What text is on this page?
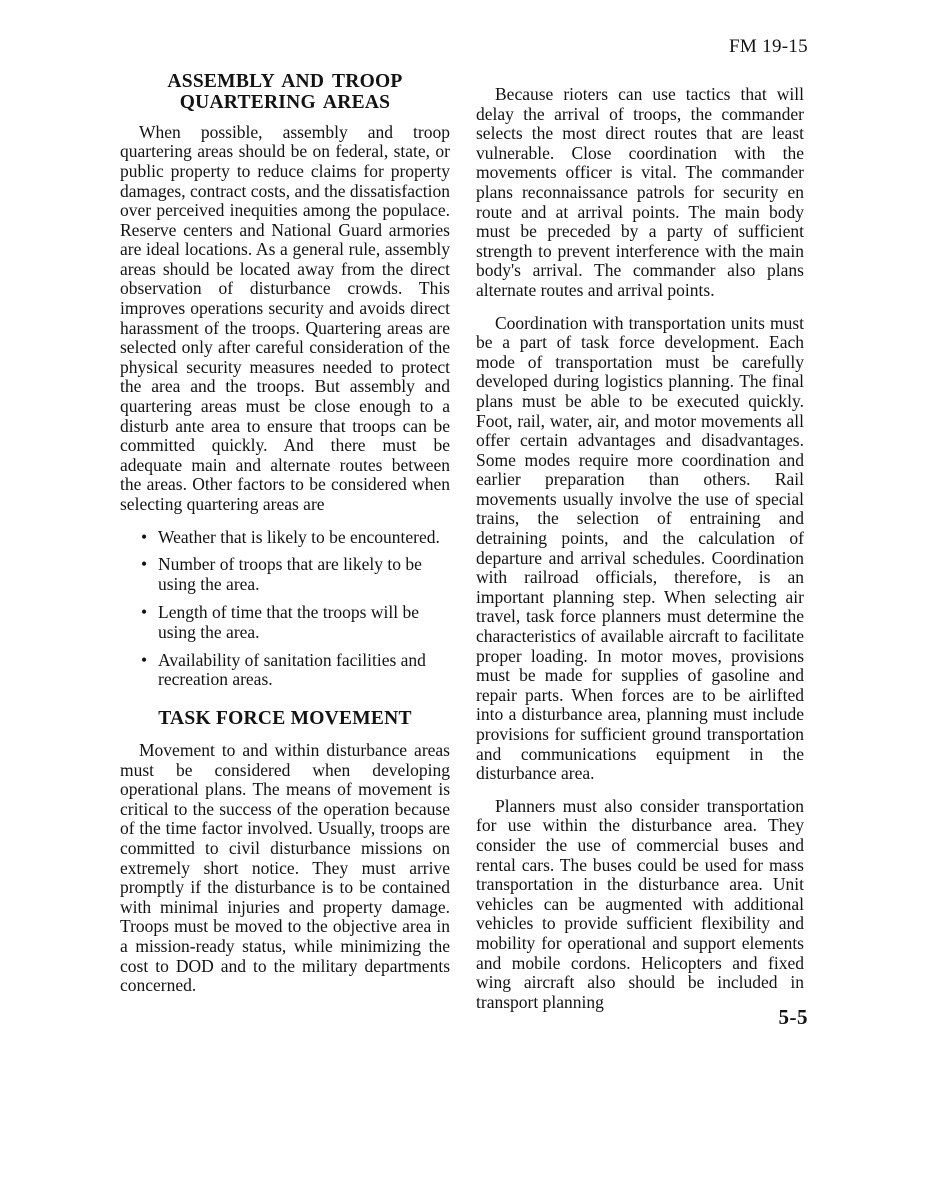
FM 19-15
ASSEMBLY AND TROOP
QUARTERING AREAS

When possible, assembly and troop quartering areas should be on federal, state, or public property to reduce claims for property damages, contract costs, and the dissatisfaction over perceived inequities among the populace. Reserve centers and National Guard armories are ideal locations. As a general rule, assembly areas should be located away from the direct observation of disturbance crowds. This improves operations security and avoids direct harassment of the troops. Quartering areas are selected only after careful consideration of the physical security measures needed to protect the area and the troops. But assembly and quartering areas must be close enough to a disturb ante area to ensure that troops can be committed quickly. And there must be adequate main and alternate routes between the areas. Other factors to be considered when selecting quartering areas are

•
Weather that is likely to be encountered.
•
Number of troops that are likely to be using the area.
•
Length of time that the troops will be using the area.
•
Availability of sanitation facilities and recreation areas.
TASK FORCE MOVEMENT

Movement to and within disturbance areas must be considered when developing operational plans. The means of movement is critical to the success of the operation because of the time factor involved. Usually, troops are committed to civil disturbance missions on extremely short notice. They must arrive promptly if the disturbance is to be contained with minimal injuries and property damage. Troops must be moved to the objective area in a mission-ready status, while minimizing the cost to DOD and to the military departments concerned.

Because rioters can use tactics that will delay the arrival of troops, the commander selects the most direct routes that are least vulnerable. Close coordination with the movements officer is vital. The commander plans reconnaissance patrols for security en route and at arrival points. The main body must be preceded by a party of sufficient strength to prevent interference with the main body's arrival. The commander also plans alternate routes and arrival points.

Coordination with transportation units must be a part of task force development. Each mode of transportation must be carefully developed during logistics planning. The final plans must be able to be executed quickly. Foot, rail, water, air, and motor movements all offer certain advantages and disadvantages. Some modes require more coordination and earlier preparation than others. Rail movements usually involve the use of special trains, the selection of entraining and detraining points, and the calculation of departure and arrival schedules. Coordination with railroad officials, therefore, is an important planning step. When selecting air travel, task force planners must determine the characteristics of available aircraft to facilitate proper loading. In motor moves, provisions must be made for supplies of gasoline and repair parts. When forces are to be airlifted into a disturbance area, planning must include provisions for sufficient ground transportation and communications equipment in the disturbance area.

Planners must also consider transportation for use within the disturbance area. They consider the use of commercial buses and rental cars. The buses could be used for mass transportation in the disturbance area. Unit vehicles can be augmented with additional vehicles to provide sufficient flexibility and mobility for operational and support elements and mobile cordons. Helicopters and fixed wing aircraft also should be included in transport planning

5-5
